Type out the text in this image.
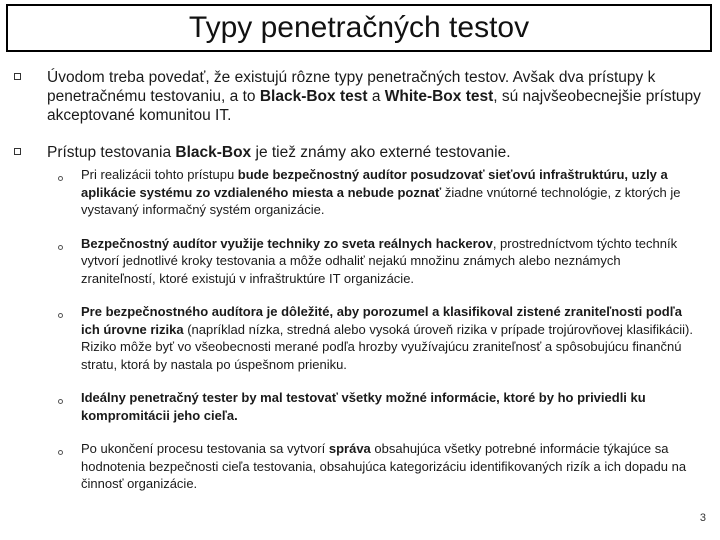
Typy penetračných testov
Úvodom treba povedať, že existujú rôzne typy penetračných testov. Avšak dva prístupy k penetračnému testovaniu, a to Black-Box test a White-Box test, sú najvšeobecnejšie prístupy akceptované komunitou IT.
Prístup testovania Black-Box je tiež známy ako externé testovanie.
Pri realizácii tohto prístupu bude bezpečnostný audítor posudzovať sieťovú infraštruktúru, uzly a aplikácie systému zo vzdialeného miesta a nebude poznať žiadne vnútorné technológie, z ktorých je vystavaný informačný systém organizácie.
Bezpečnostný audítor využije techniky zo sveta reálnych hackerov, prostredníctvom týchto techník vytvorí jednotlivé kroky testovania a môže odhaliť nejakú množinu známych alebo neznámych zraniteľností, ktoré existujú v infraštruktúre IT organizácie.
Pre bezpečnostného audítora je dôležité, aby porozumel a klasifikoval zistené zraniteľnosti podľa ich úrovne rizika (napríklad nízka, stredná alebo vysoká úroveň rizika v prípade trojúrovňovej klasifikácii). Riziko môže byť vo všeobecnosti merané podľa hrozby využívajúcu zraniteľnosť a spôsobujúcu finančnú stratu, ktorá by nastala po úspešnom prieniku.
Ideálny penetračný tester by mal testovať všetky možné informácie, ktoré by ho priviedli ku kompromitácii jeho cieľa.
Po ukončení procesu testovania sa vytvorí správa obsahujúca všetky potrebné informácie týkajúce sa hodnotenia bezpečnosti cieľa testovania, obsahujúca kategorizáciu identifikovaných rizík a ich dopadu na činnosť organizácie.
3
